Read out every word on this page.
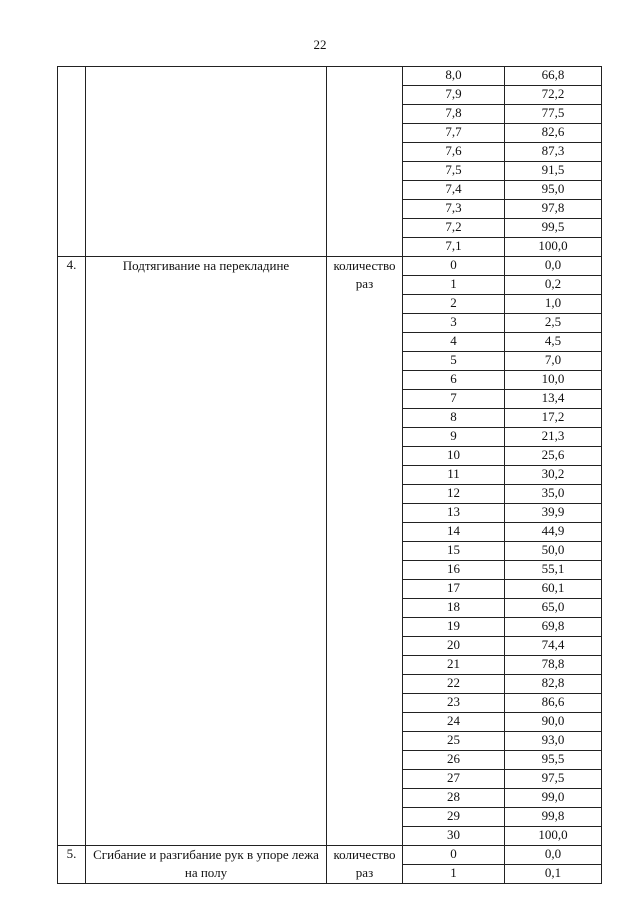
22
			8,0	66,8
			7,9	72,2
			7,8	77,5
			7,7	82,6
			7,6	87,3
			7,5	91,5
			7,4	95,0
			7,3	97,8
			7,2	99,5
			7,1	100,0
4.	Подтягивание на перекладине	количество раз	0	0,0
			1	0,2
			2	1,0
			3	2,5
			4	4,5
			5	7,0
			6	10,0
			7	13,4
			8	17,2
			9	21,3
			10	25,6
			11	30,2
			12	35,0
			13	39,9
			14	44,9
			15	50,0
			16	55,1
			17	60,1
			18	65,0
			19	69,8
			20	74,4
			21	78,8
			22	82,8
			23	86,6
			24	90,0
			25	93,0
			26	95,5
			27	97,5
			28	99,0
			29	99,8
			30	100,0
5.	Сгибание и разгибание рук в упоре лежа на полу	количество раз	0	0,0
			1	0,1
